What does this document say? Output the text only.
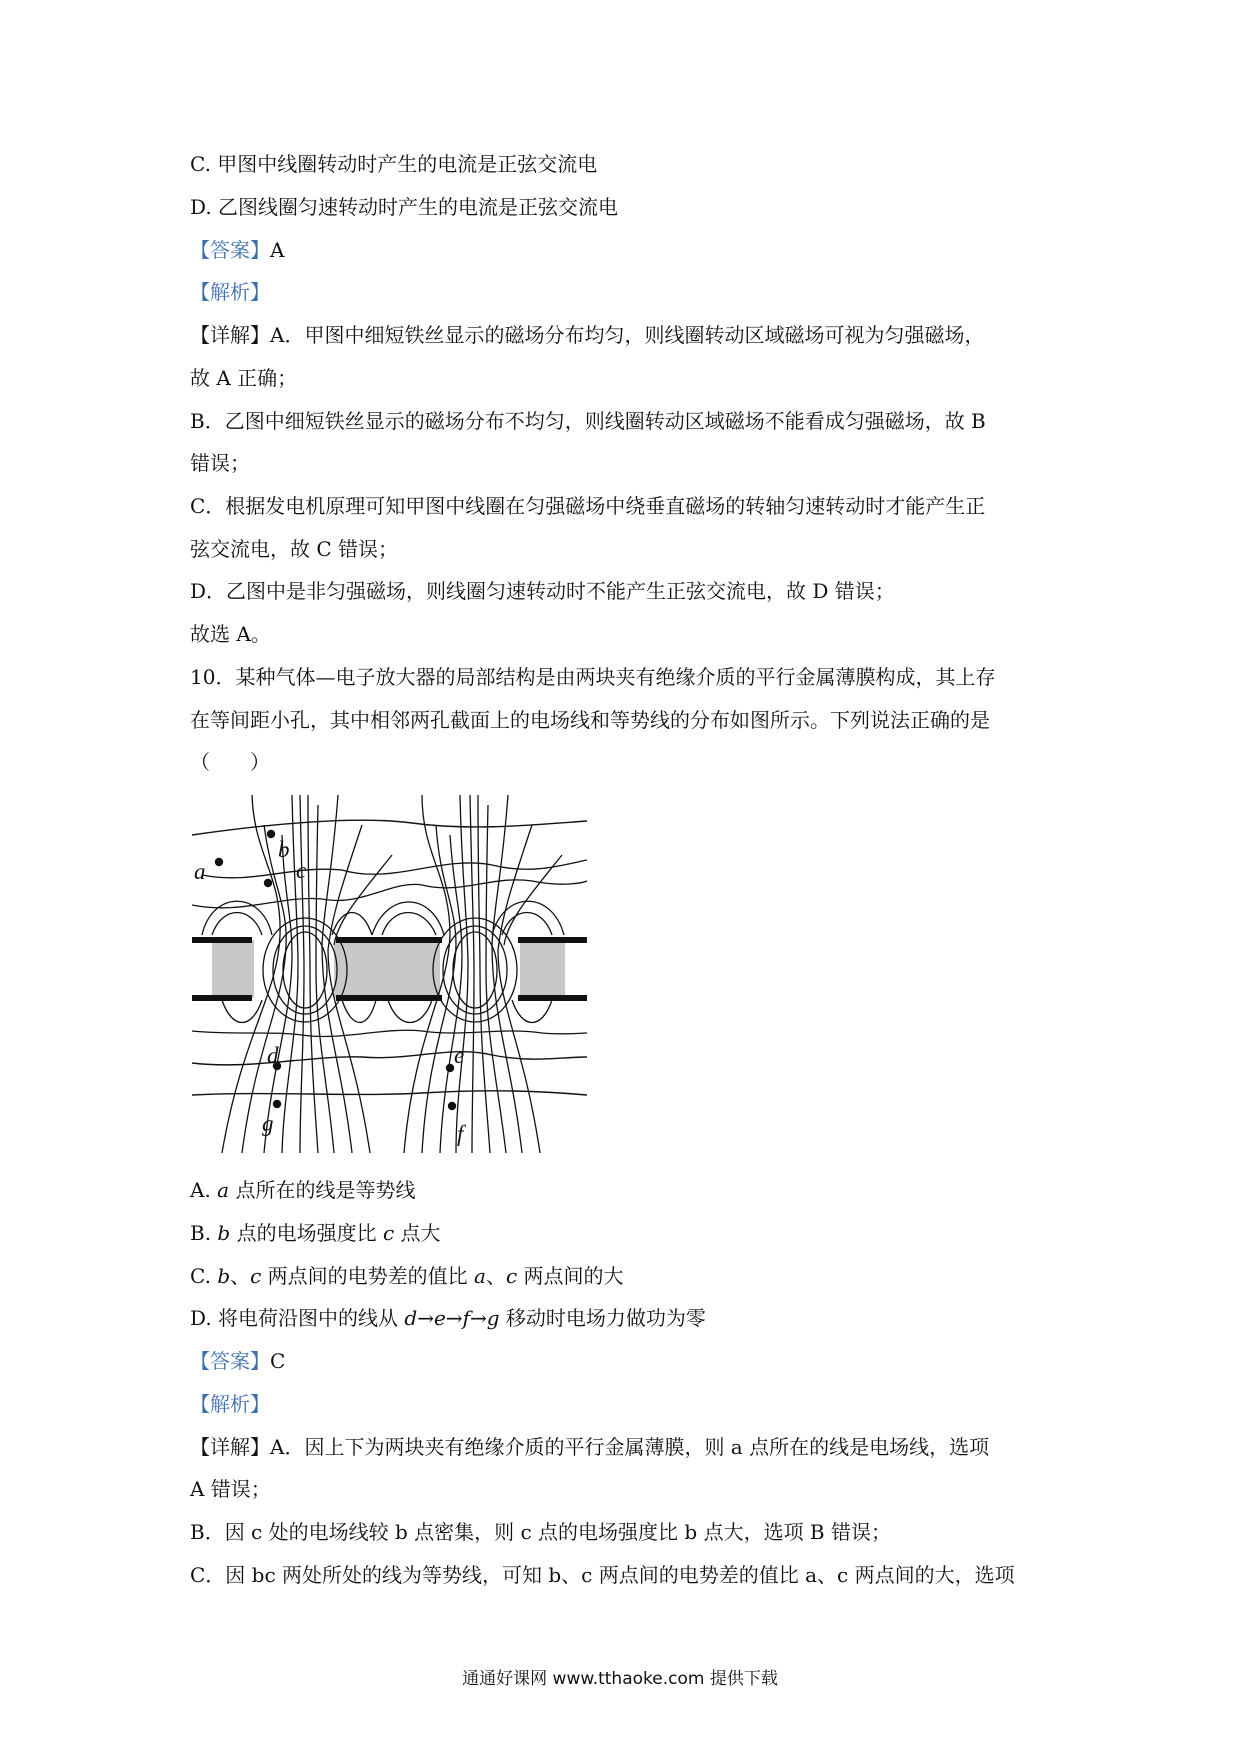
C. 甲图中线圈转动时产生的电流是正弦交流电
D. 乙图线圈匀速转动时产生的电流是正弦交流电
【答案】A
【解析】
【详解】A．甲图中细短铁丝显示的磁场分布均匀，则线圈转动区域磁场可视为匀强磁场，
故 A 正确；
B．乙图中细短铁丝显示的磁场分布不均匀，则线圈转动区域磁场不能看成匀强磁场，故 B
错误；
C．根据发电机原理可知甲图中线圈在匀强磁场中绕垂直磁场的转轴匀速转动时才能产生正
弦交流电，故 C 错误；
D．乙图中是非匀强磁场，则线圈匀速转动时不能产生正弦交流电，故 D 错误；
故选 A。
10．某种气体—电子放大器的局部结构是由两块夹有绝缘介质的平行金属薄膜构成，其上存
在等间距小孔，其中相邻两孔截面上的电场线和等势线的分布如图所示。下列说法正确的是
（　　）
a
b
c
d	e
f
g
A. a 点所在的线是等势线
B. b 点的电场强度比 c 点大
C. b、c 两点间的电势差的值比 a、c 两点间的大
D. 将电荷沿图中的线从 d→e→f→g 移动时电场力做功为零
【答案】C
【解析】
【详解】A．因上下为两块夹有绝缘介质的平行金属薄膜，则 a 点所在的线是电场线，选项
A 错误；
B．因 c 处的电场线较 b 点密集，则 c 点的电场强度比 b 点大，选项 B 错误；
C．因 bc 两处所处的线为等势线，可知 b、c 两点间的电势差的值比 a、c 两点间的大，选项
通通好课网 www.tthaoke.com 提供下载
